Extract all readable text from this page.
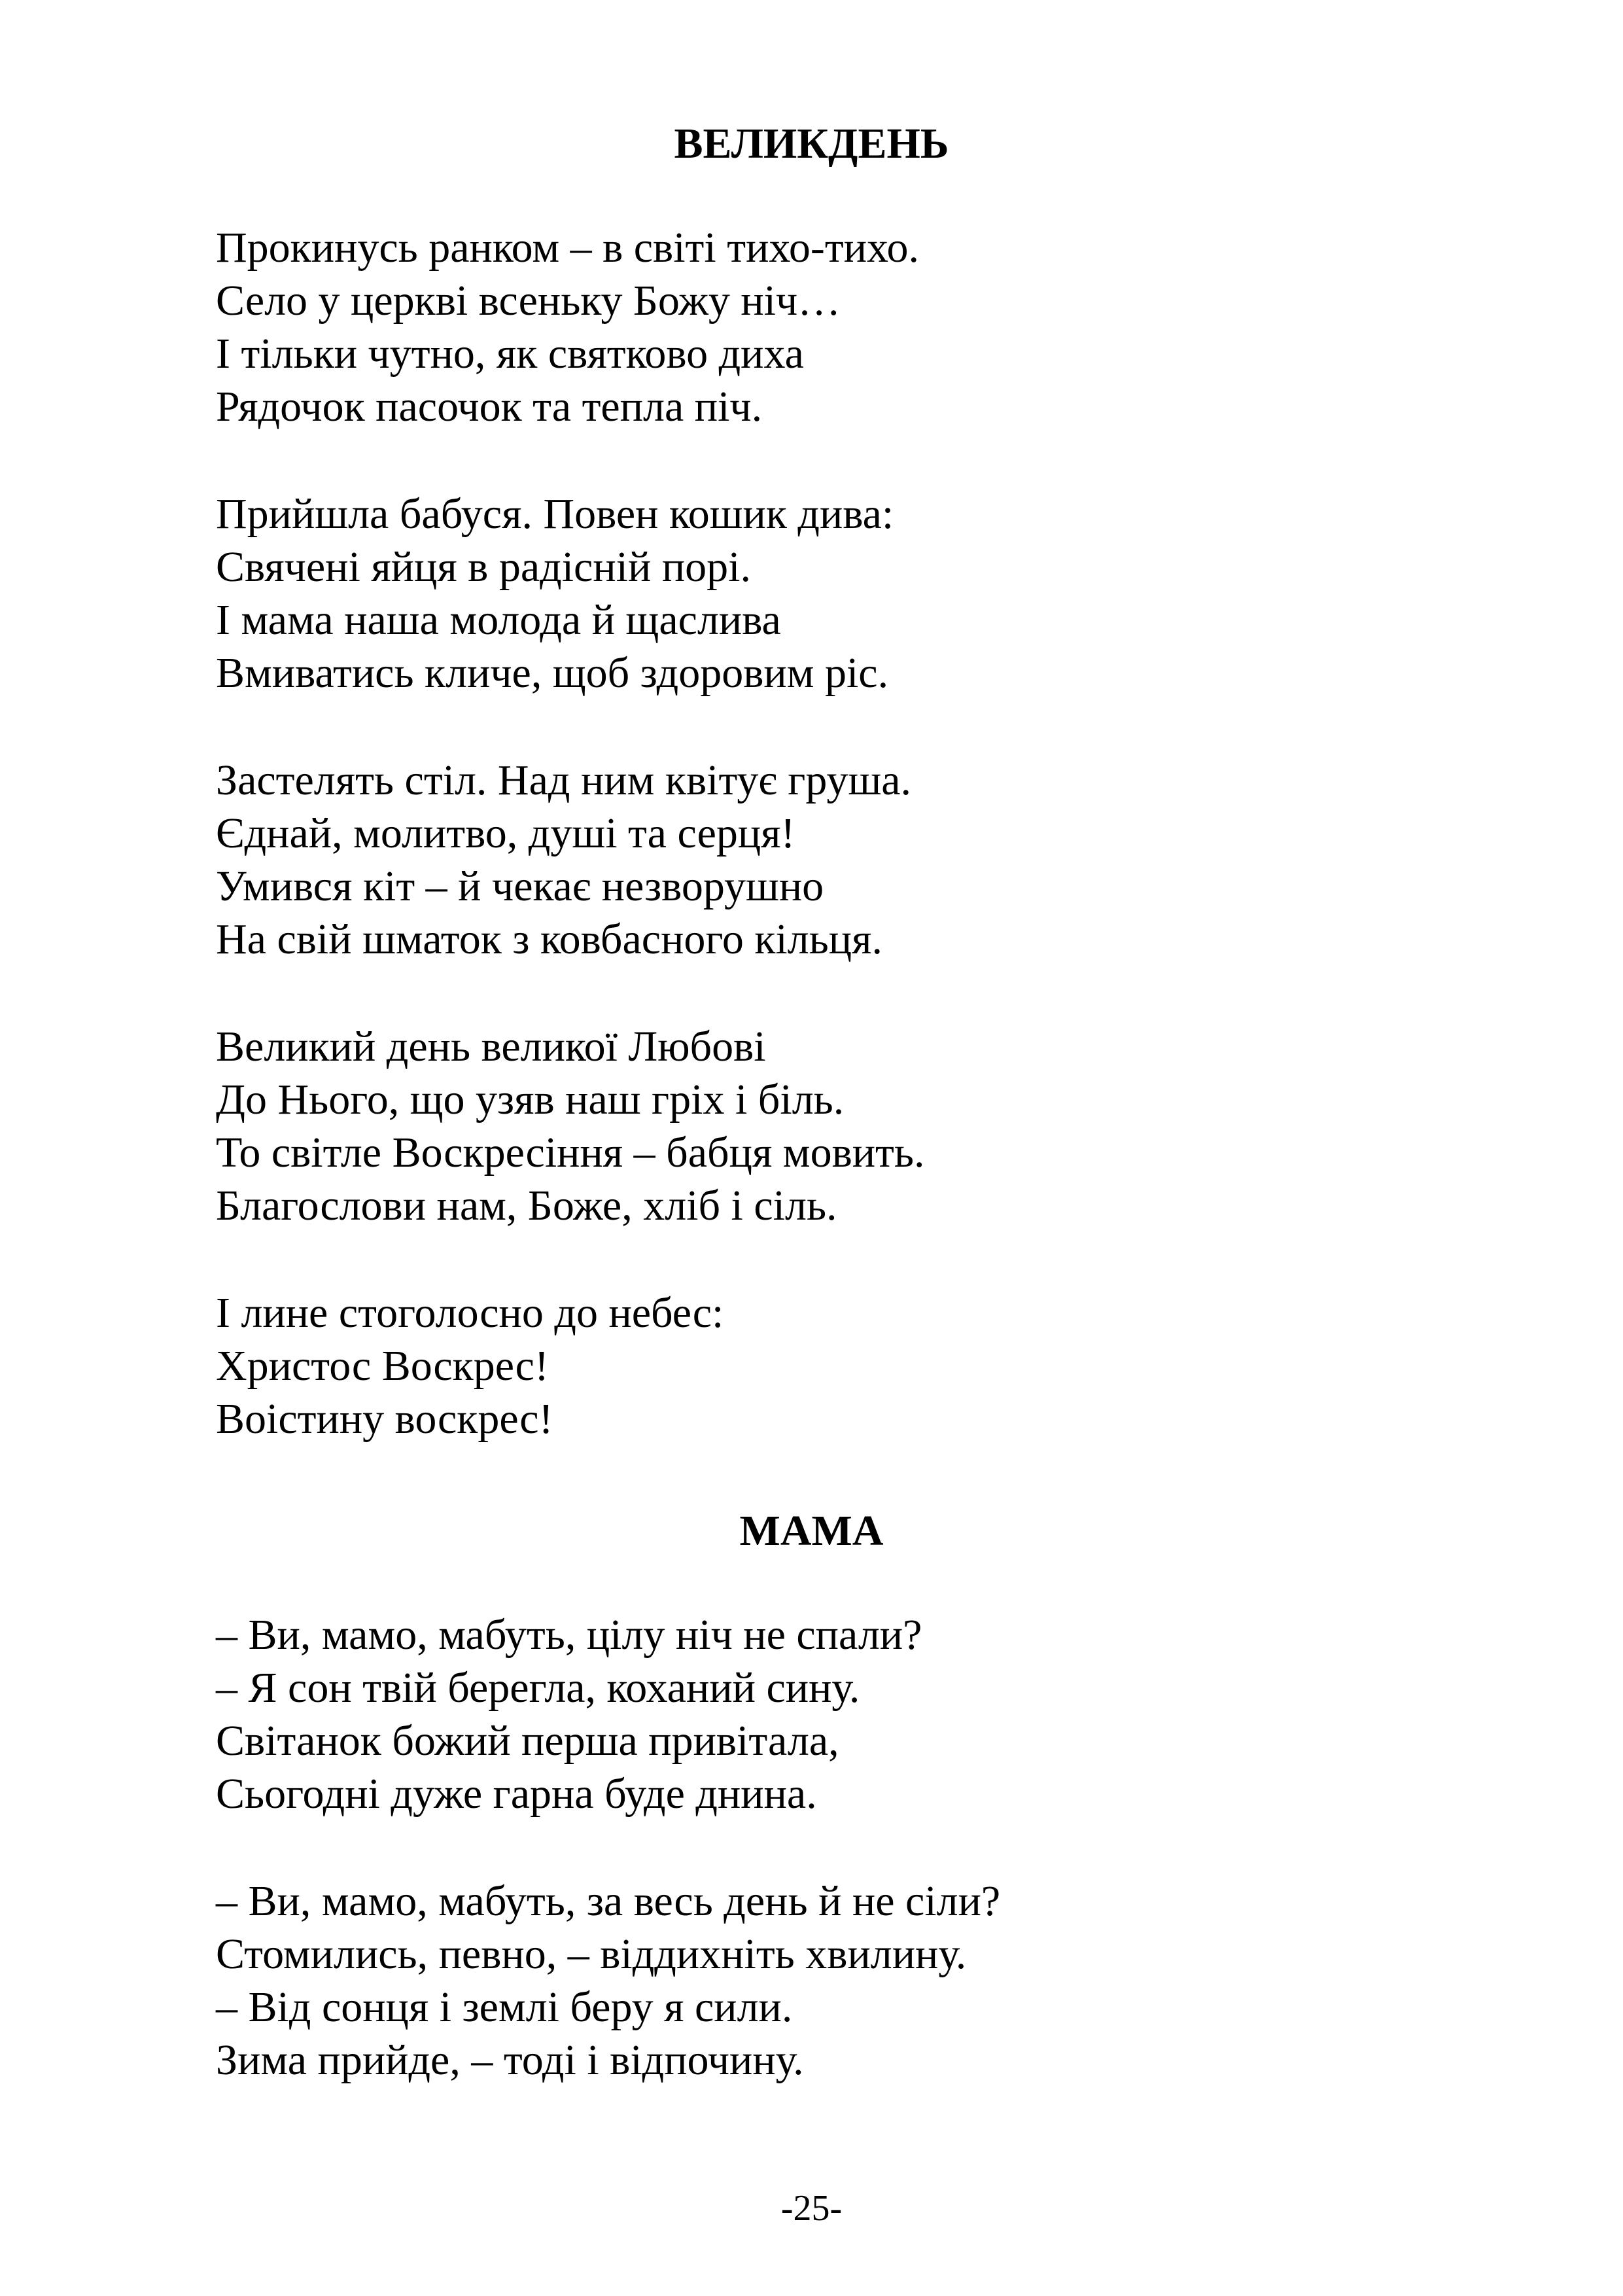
ВЕЛИКДЕНЬ
Прокинусь ранком – в світі тихо-тихо.
Село у церкві всеньку Божу ніч…
І тільки чутно, як святково диха
Рядочок пасочок та тепла піч.
Прийшла бабуся. Повен кошик дива:
Свячені яйця в радісній порі.
І мама наша молода й щаслива
Вмиватись кличе, щоб здоровим ріс.
Застелять стіл. Над ним квітує груша.
Єднай, молитво, душі та серця!
Умився кіт – й чекає незворушно
На свій шматок з ковбасного кільця.
Великий день великої Любові
До Нього, що узяв наш гріх і біль.
То світле Воскресіння – бабця мовить.
Благослови нам, Боже, хліб і сіль.
І лине стоголосно до небес:
Христос Воскрес!
Воістину воскрес!
МАМА
– Ви, мамо, мабуть, цілу ніч не спали?
– Я сон твій берегла, коханий сину.
Світанок божий перша привітала,
Сьогодні дуже гарна буде днина.
– Ви, мамо, мабуть, за весь день й не сіли?
Стомились, певно, – віддихніть хвилину.
– Від сонця і землі беру я сили.
Зима прийде, – тоді і відпочину.
-25-
